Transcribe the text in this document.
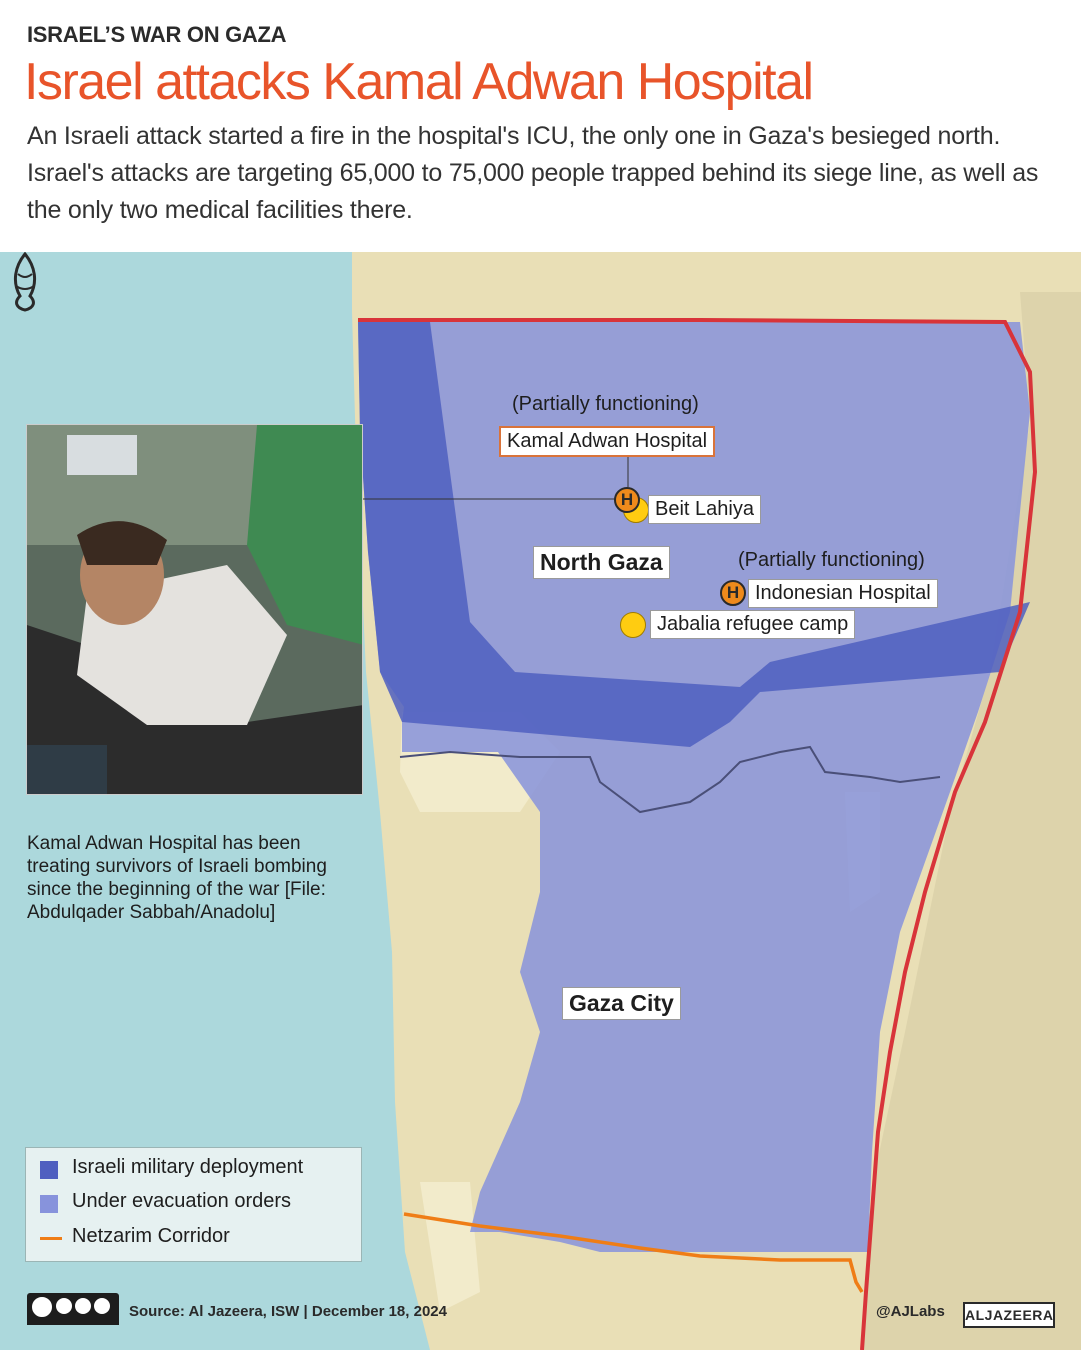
ISRAEL’S WAR ON GAZA
Israel attacks Kamal Adwan Hospital
An Israeli attack started a fire in the hospital's ICU, the only one in Gaza's besieged north. Israel's attacks are targeting 65,000 to 75,000 people trapped behind its siege line, as well as the only two medical facilities there.
Kamal Adwan Hospital has been treating survivors of Israeli bombing since the beginning of the war [File: Abdulqader Sabbah/Anadolu]
(Partially functioning)
Kamal Adwan Hospital
H	Beit Lahiya
North Gaza	(Partially functioning)
Indonesian Hospital
H
Jabalia refugee camp
Gaza City
Israeli military deployment
Under evacuation orders
Netzarim Corridor
Source: Al Jazeera, ISW | December 18, 2024	@AJLabs ALJAZEERA
